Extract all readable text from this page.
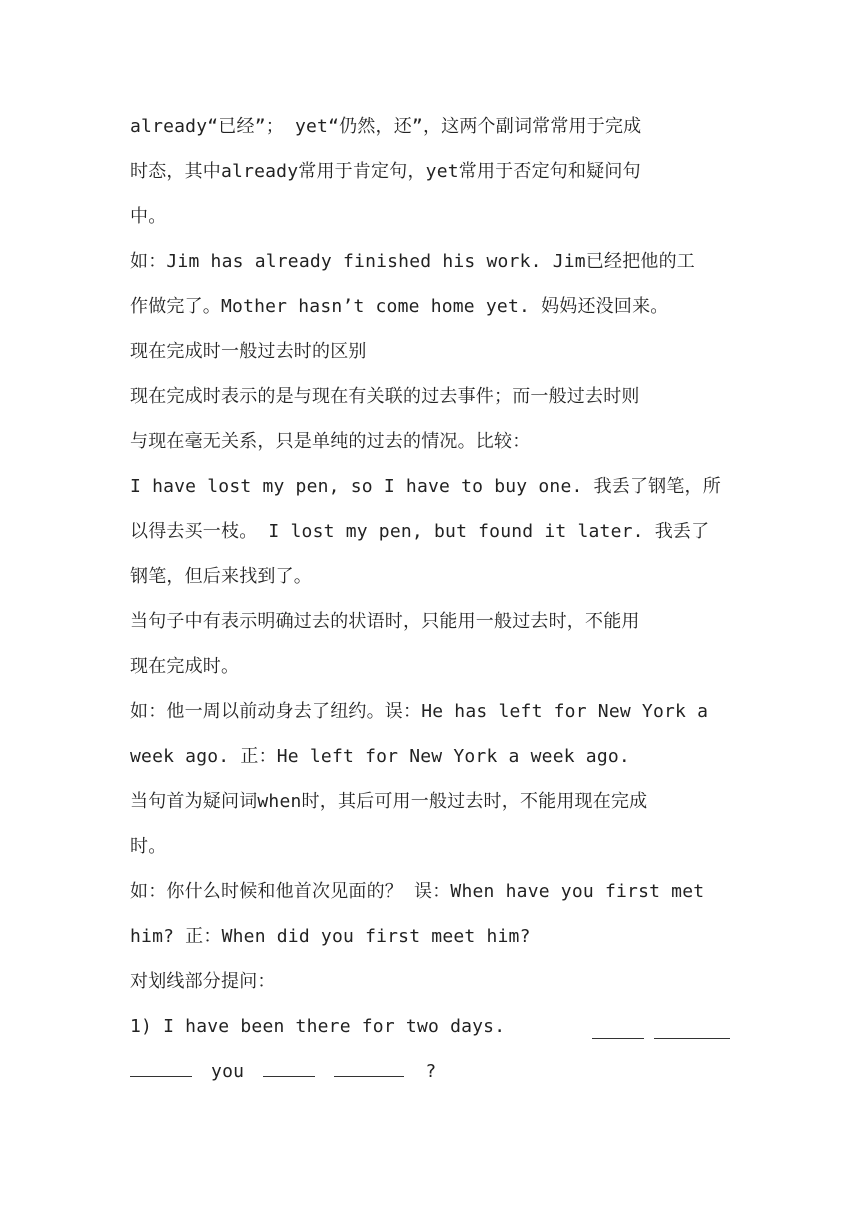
already“已经”； yet“仍然，还”，这两个副词常常用于完成
时态，其中already常用于肯定句，yet常用于否定句和疑问句
中。
如：Jim has already finished his work. Jim已经把他的工
作做完了。Mother hasn’t come home yet. 妈妈还没回来。
现在完成时一般过去时的区别
现在完成时表示的是与现在有关联的过去事件；而一般过去时则
与现在毫无关系，只是单纯的过去的情况。比较：
I have lost my pen, so I have to buy one. 我丢了钢笔，所
以得去买一枝。 I lost my pen, but found it later. 我丢了
钢笔，但后来找到了。
当句子中有表示明确过去的状语时，只能用一般过去时，不能用
现在完成时。
如：他一周以前动身去了纽约。误：He has left for New York a
week ago. 正：He left for New York a week ago.
当句首为疑问词when时，其后可用一般过去时，不能用现在完成
时。
如：你什么时候和他首次见面的？ 误：When have you first met
him? 正：When did you first meet him?
对划线部分提问：
1) I have been there for two days.
you	?
